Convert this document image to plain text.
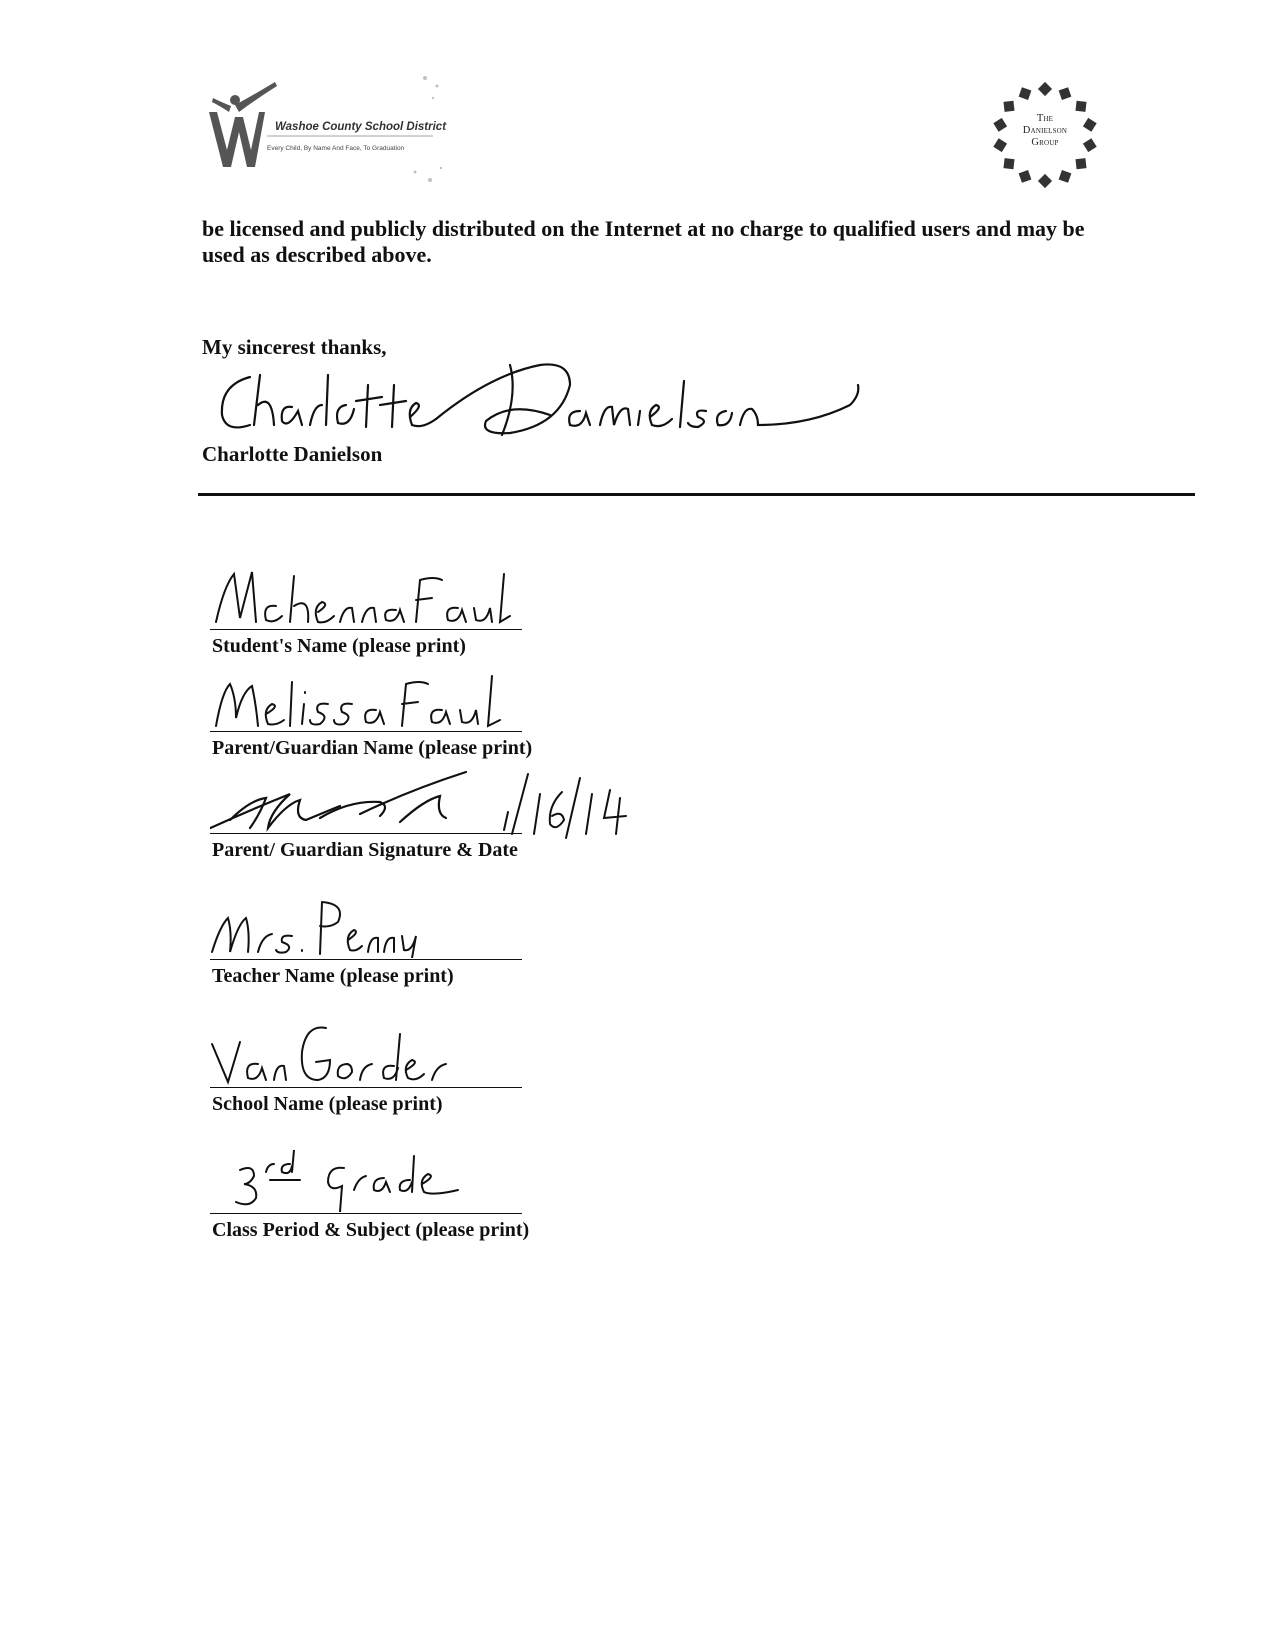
Washoe County School District
Every Child, By Name And Face, To Graduation
The
Danielson
Group
be licensed and publicly distributed on the Internet at no charge to qualified users and may be used as described above.
My sincerest thanks,
Charlotte Danielson
Student's Name (please print)
Parent/Guardian Name (please print)
Parent/ Guardian Signature & Date
Teacher Name (please print)
School Name (please print)
Class Period & Subject (please print)
